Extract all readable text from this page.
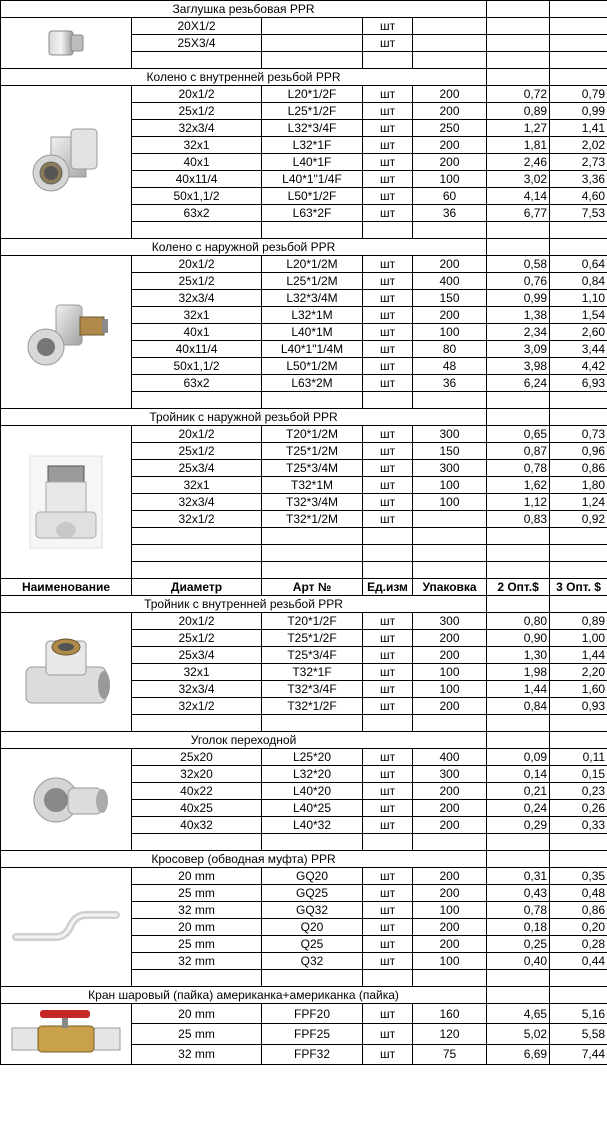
Заглушка резьбовая PPR						

	20X1/2		шт			
	25X3/4		шт			

Колено с внутренней резьбой PPR						

	20x1/2	L20*1/2F	шт	200	0,72	0,79
	25x1/2	L25*1/2F	шт	200	0,89	0,99
	32x3/4	L32*3/4F	шт	250	1,27	1,41
	32x1	L32*1F	шт	200	1,81	2,02
	40x1	L40*1F	шт	200	2,46	2,73
	40x11/4	L40*1"1/4F	шт	100	3,02	3,36
	50x1,1/2	L50*1/2F	шт	60	4,14	4,60
	63x2	L63*2F	шт	36	6,77	7,53

Колено с наружной резьбой PPR						

	20x1/2	L20*1/2M	шт	200	0,58	0,64
	25x1/2	L25*1/2M	шт	400	0,76	0,84
	32x3/4	L32*3/4M	шт	150	0,99	1,10
	32x1	L32*1M	шт	200	1,38	1,54
	40x1	L40*1M	шт	100	2,34	2,60
	40x11/4	L40*1"1/4M	шт	80	3,09	3,44
	50x1,1/2	L50*1/2M	шт	48	3,98	4,42
	63x2	L63*2M	шт	36	6,24	6,93

Тройник с наружной резьбой PPR						

	20x1/2	T20*1/2M	шт	300	0,65	0,73
	25x1/2	T25*1/2M	шт	150	0,87	0,96
	25x3/4	T25*3/4M	шт	300	0,78	0,86
	32x1	T32*1M	шт	100	1,62	1,80
	32x3/4	T32*3/4M	шт	100	1,12	1,24
	32x1/2	T32*1/2M	шт		0,83	0,92

Наименование	Диаметр	Арт №	Ед.изм	Упаковка	2 Опт.$	3 Опт. $
Тройник с внутренней резьбой PPR						

	20x1/2	T20*1/2F	шт	300	0,80	0,89
	25x1/2	T25*1/2F	шт	200	0,90	1,00
	25x3/4	T25*3/4F	шт	200	1,30	1,44
	32x1	T32*1F	шт	100	1,98	2,20
	32x3/4	T32*3/4F	шт	100	1,44	1,60
	32x1/2	T32*1/2F	шт	200	0,84	0,93

Уголок переходной						

	25x20	L25*20	шт	400	0,09	0,11
	32x20	L32*20	шт	300	0,14	0,15
	40x22	L40*20	шт	200	0,21	0,23
	40x25	L40*25	шт	200	0,24	0,26
	40x32	L40*32	шт	200	0,29	0,33

Кросовер (обводная муфта) PPR						

	20 mm	GQ20	шт	200	0,31	0,35
	25 mm	GQ25	шт	200	0,43	0,48
	32 mm	GQ32	шт	100	0,78	0,86
	20 mm	Q20	шт	200	0,18	0,20
	25 mm	Q25	шт	200	0,25	0,28
	32 mm	Q32	шт	100	0,40	0,44

Кран шаровый (пайка) американка+американка (пайка)						

	20 mm	FPF20	шт	160	4,65	5,16
	25 mm	FPF25	шт	120	5,02	5,58
	32 mm	FPF32	шт	75	6,69	7,44
